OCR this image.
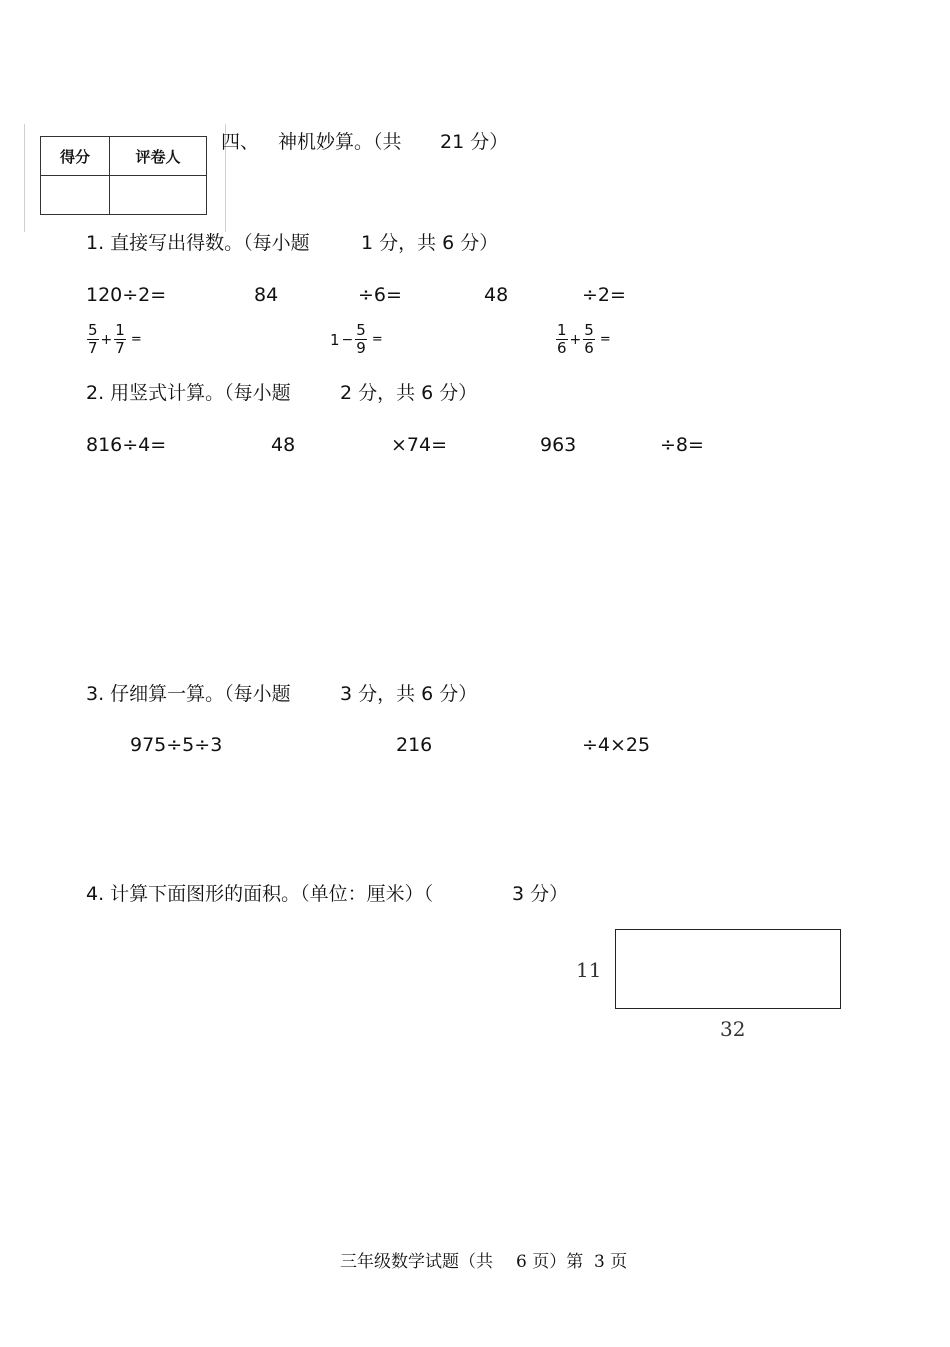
得分	评卷人

四、 神机妙算。（共 21 分）
1. 直接写出得数。（每小题	1 分，共 6 分）
120÷2=	84	÷6=	48	÷2=
$\frac{5}{7} + \frac{1}{7}$ =	$1 - \frac{5}{9}$ =	$\frac{1}{6} + \frac{5}{6}$ =
2. 用竖式计算。（每小题	2 分，共 6 分）
816÷4=	48	×74=	963	÷8=
3. 仔细算一算。（每小题	3 分，共 6 分）
975÷5÷3	216	÷4×25
4. 计算下面图形的面积。（单位：厘米）（	3 分）
11
32
三年级数学试题（共 6 页）第 3 页
